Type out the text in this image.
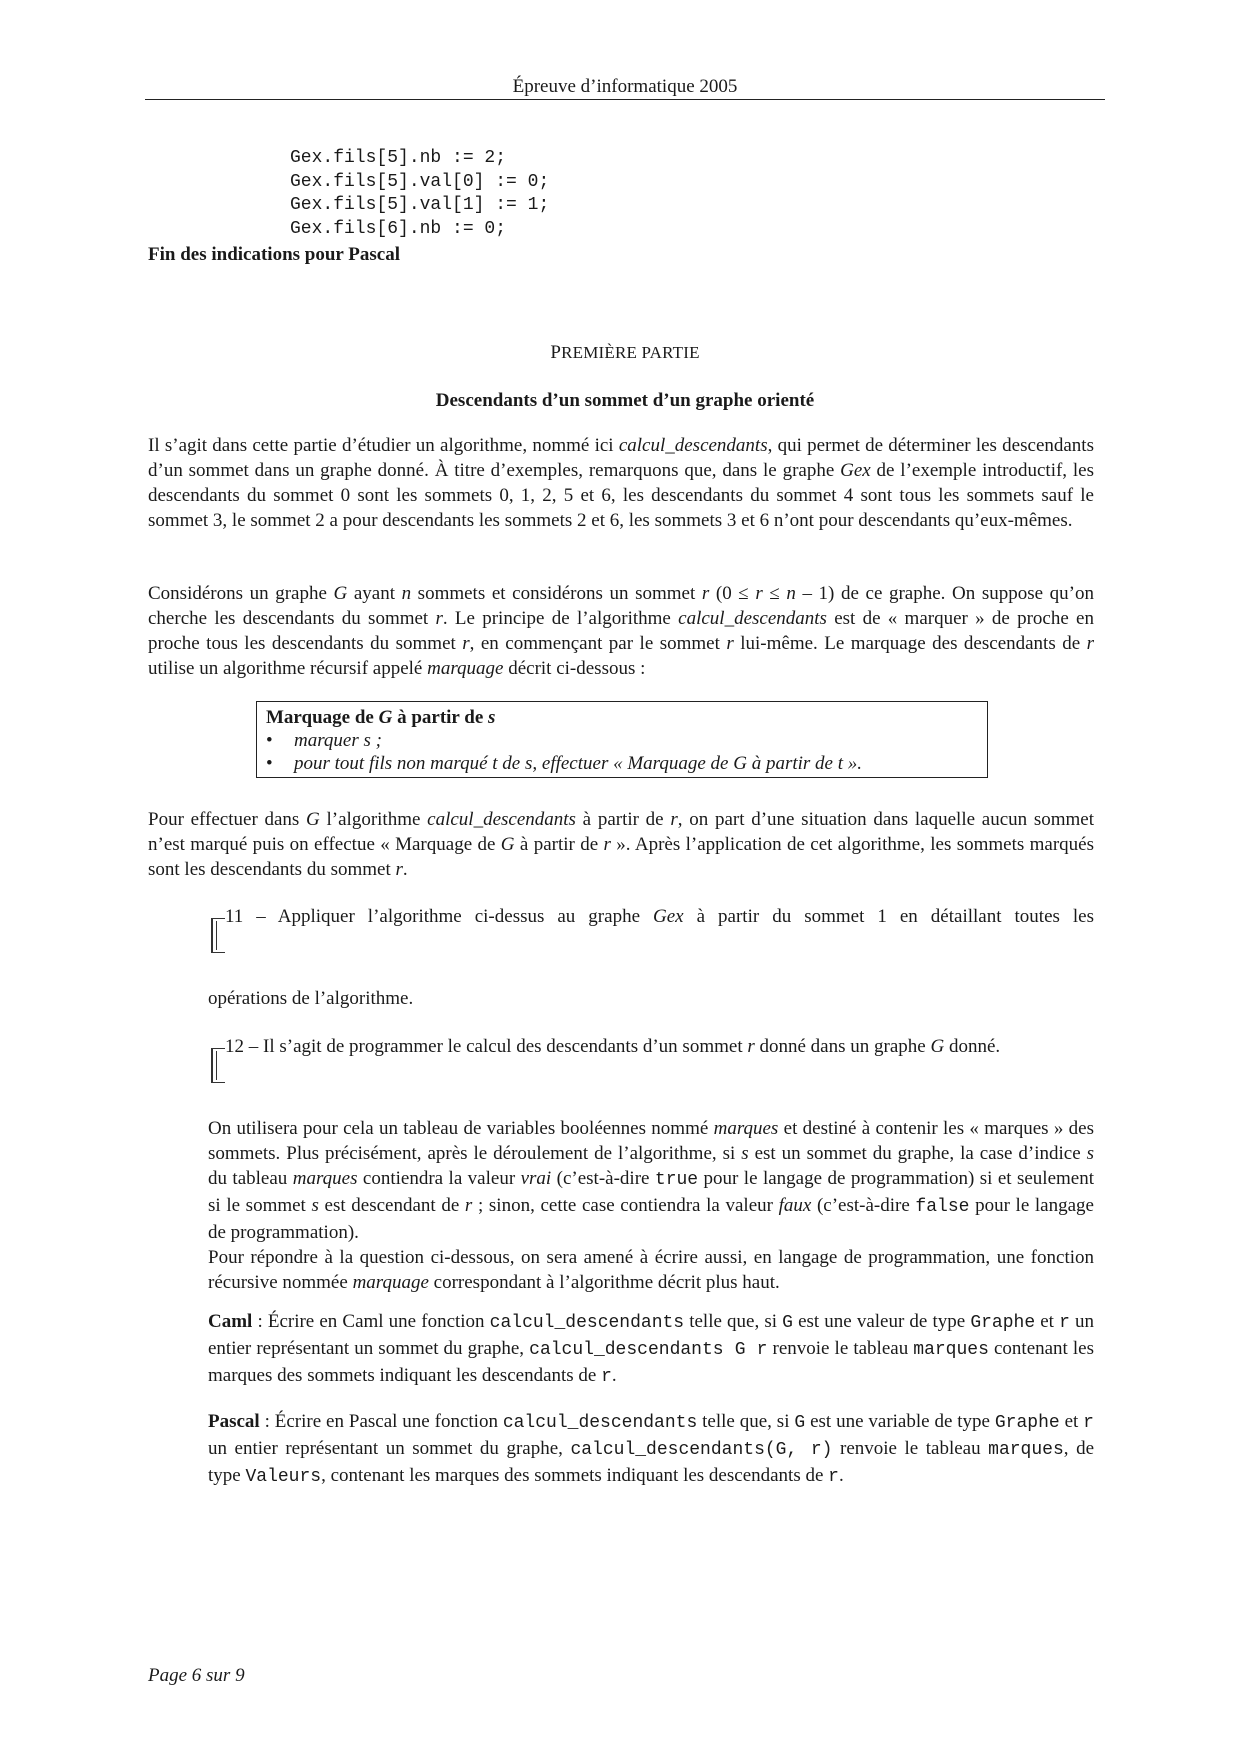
Épreuve d’informatique 2005
Gex.fils[5].nb := 2;
Gex.fils[5].val[0] := 0;
Gex.fils[5].val[1] := 1;
Gex.fils[6].nb := 0;
Fin des indications pour Pascal
PREMIÈRE PARTIE
Descendants d’un sommet d’un graphe orienté

Il s’agit dans cette partie d’étudier un algorithme, nommé ici calcul_descendants, qui permet de déterminer les descendants d’un sommet dans un graphe donné. À titre d’exemples, remarquons que, dans le graphe Gex de l’exemple introductif, les descendants du sommet 0 sont les sommets 0, 1, 2, 5 et 6, les descendants du sommet 4 sont tous les sommets sauf le sommet 3, le sommet 2 a pour descendants les sommets 2 et 6, les sommets 3 et 6 n’ont pour descendants qu’eux-mêmes.

Considérons un graphe G ayant n sommets et considérons un sommet r (0 ≤ r ≤ n – 1) de ce graphe. On suppose qu’on cherche les descendants du sommet r. Le principe de l’algorithme calcul_descendants est de « marquer » de proche en proche tous les descendants du sommet r, en commençant par le sommet r lui-même. Le marquage des descendants de r utilise un algorithme récursif appelé marquage décrit ci-dessous :

Marquage de G à partir de s
• marquer s ;
• pour tout fils non marqué t de s, effectuer « Marquage de G à partir de t ».

Pour effectuer dans G l’algorithme calcul_descendants à partir de r, on part d’une situation dans laquelle aucun sommet n’est marqué puis on effectue « Marquage de G à partir de r ». Après l’application de cet algorithme, les sommets marqués sont les descendants du sommet r.

11 – Appliquer l’algorithme ci-dessus au graphe Gex à partir du sommet 1 en détaillant toutes les
opérations de l’algorithme.
12 – Il s’agit de programmer le calcul des descendants d’un sommet r donné dans un graphe G donné.

On utilisera pour cela un tableau de variables booléennes nommé marques et destiné à contenir les « marques » des sommets. Plus précisément, après le déroulement de l’algorithme, si s est un sommet du graphe, la case d’indice s du tableau marques contiendra la valeur vrai (c’est-à-dire true pour le langage de programmation) si et seulement si le sommet s est descendant de r ; sinon, cette case contiendra la valeur faux (c’est-à-dire false pour le langage de programmation).

Pour répondre à la question ci-dessous, on sera amené à écrire aussi, en langage de programmation, une fonction récursive nommée marquage correspondant à l’algorithme décrit plus haut.

Caml : Écrire en Caml une fonction calcul_descendants telle que, si G est une valeur de type Graphe et r un entier représentant un sommet du graphe, calcul_descendants G r renvoie le tableau marques contenant les marques des sommets indiquant les descendants de r.

Pascal : Écrire en Pascal une fonction calcul_descendants telle que, si G est une variable de type Graphe et r un entier représentant un sommet du graphe, calcul_descendants(G, r) renvoie le tableau marques, de type Valeurs, contenant les marques des sommets indiquant les descendants de r.

Page 6 sur 9
